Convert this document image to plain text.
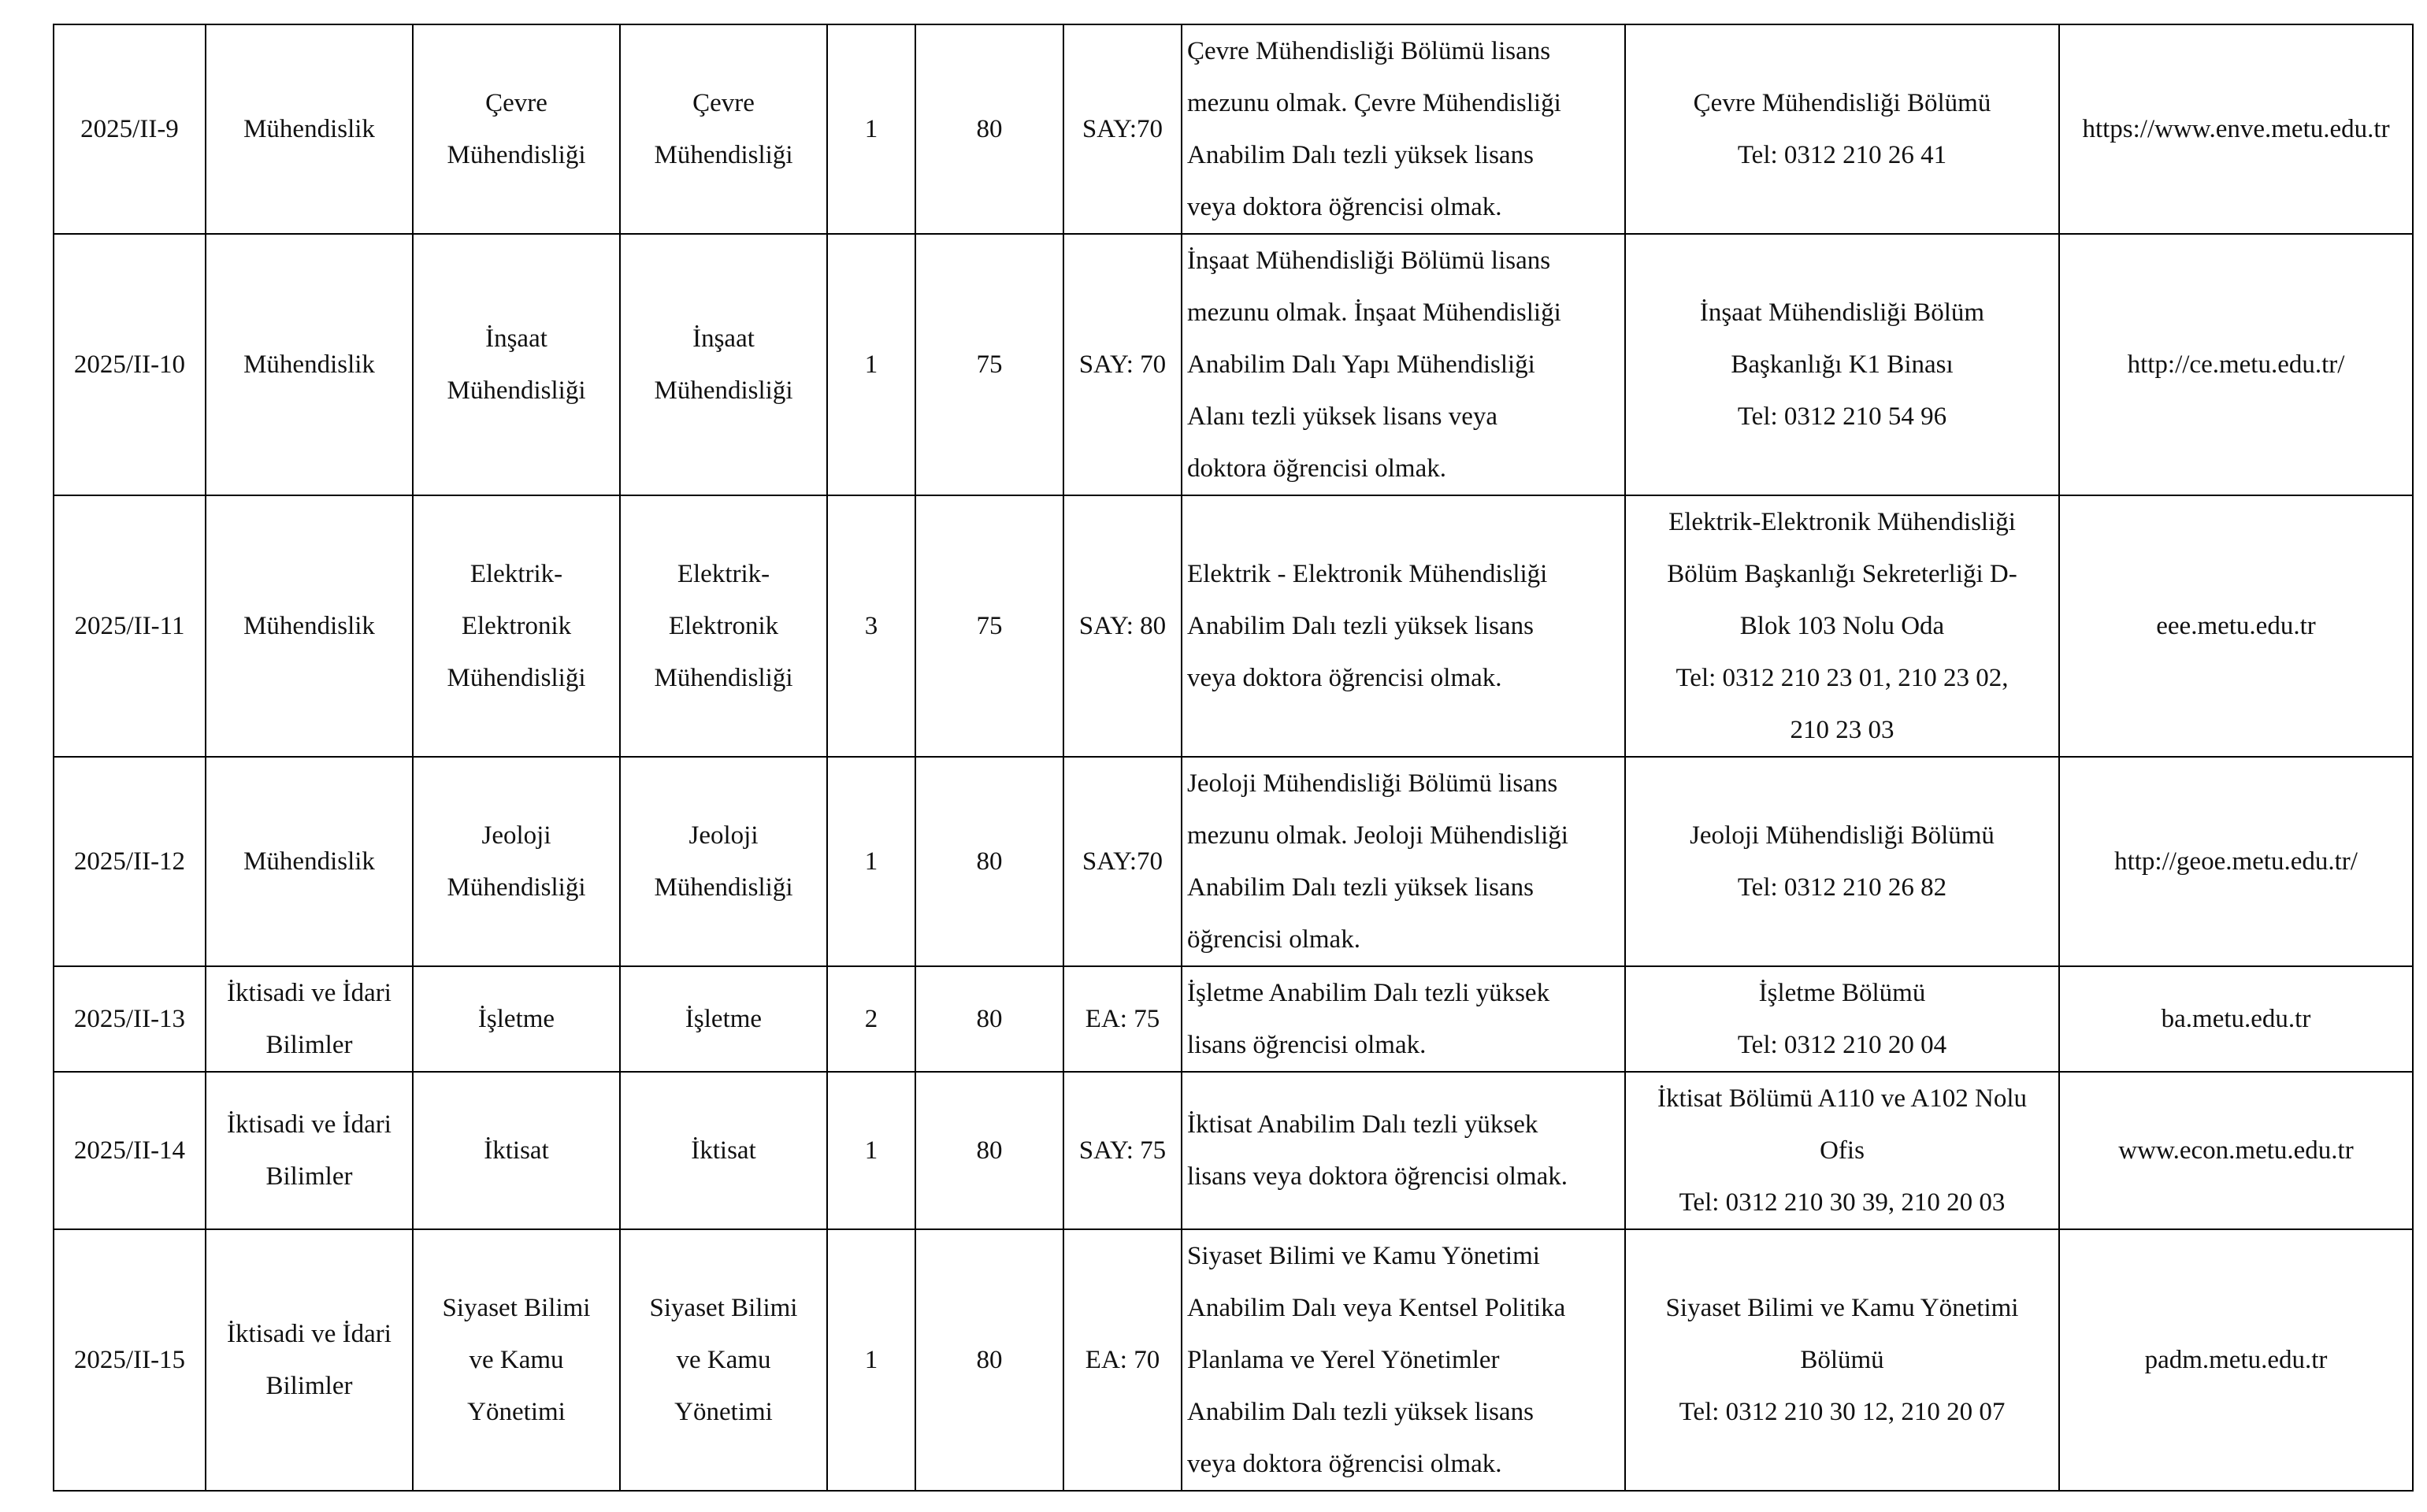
2025/II-9	Mühendislik	Çevre
Mühendisliği	Çevre
Mühendisliği	1	80	SAY:70	Çevre Mühendisliği Bölümü lisans
mezunu olmak. Çevre Mühendisliği
Anabilim Dalı tezli yüksek lisans
veya doktora öğrencisi olmak.	Çevre Mühendisliği Bölümü
Tel: 0312 210 26 41	https://www.enve.metu.edu.tr
2025/II-10	Mühendislik	İnşaat
Mühendisliği	İnşaat
Mühendisliği	1	75	SAY: 70	İnşaat Mühendisliği Bölümü lisans
mezunu olmak. İnşaat Mühendisliği
Anabilim Dalı Yapı Mühendisliği
Alanı tezli yüksek lisans veya
doktora öğrencisi olmak.	İnşaat Mühendisliği Bölüm
Başkanlığı K1 Binası
Tel: 0312 210 54 96	http://ce.metu.edu.tr/
2025/II-11	Mühendislik	Elektrik-
Elektronik
Mühendisliği	Elektrik-
Elektronik
Mühendisliği	3	75	SAY: 80	Elektrik - Elektronik Mühendisliği
Anabilim Dalı tezli yüksek lisans
veya doktora öğrencisi olmak.	Elektrik-Elektronik Mühendisliği
Bölüm Başkanlığı Sekreterliği D-
Blok 103 Nolu Oda
Tel: 0312 210 23 01, 210 23 02,
210 23 03	eee.metu.edu.tr
2025/II-12	Mühendislik	Jeoloji
Mühendisliği	Jeoloji
Mühendisliği	1	80	SAY:70	Jeoloji Mühendisliği Bölümü lisans
mezunu olmak. Jeoloji Mühendisliği
Anabilim Dalı tezli yüksek lisans
öğrencisi olmak.	Jeoloji Mühendisliği Bölümü
Tel: 0312 210 26 82	http://geoe.metu.edu.tr/
2025/II-13	İktisadi ve İdari
Bilimler	İşletme	İşletme	2	80	EA: 75	İşletme Anabilim Dalı tezli yüksek
lisans öğrencisi olmak.	İşletme Bölümü
Tel: 0312 210 20 04	ba.metu.edu.tr
2025/II-14	İktisadi ve İdari
Bilimler	İktisat	İktisat	1	80	SAY: 75	İktisat Anabilim Dalı tezli yüksek
lisans veya doktora öğrencisi olmak.	İktisat Bölümü A110 ve A102 Nolu
Ofis
Tel: 0312 210 30 39, 210 20 03	www.econ.metu.edu.tr
2025/II-15	İktisadi ve İdari
Bilimler	Siyaset Bilimi
ve Kamu
Yönetimi	Siyaset Bilimi
ve Kamu
Yönetimi	1	80	EA: 70	Siyaset Bilimi ve Kamu Yönetimi
Anabilim Dalı veya Kentsel Politika
Planlama ve Yerel Yönetimler
Anabilim Dalı tezli yüksek lisans
veya doktora öğrencisi olmak.	Siyaset Bilimi ve Kamu Yönetimi
Bölümü
Tel: 0312 210 30 12, 210 20 07	padm.metu.edu.tr
